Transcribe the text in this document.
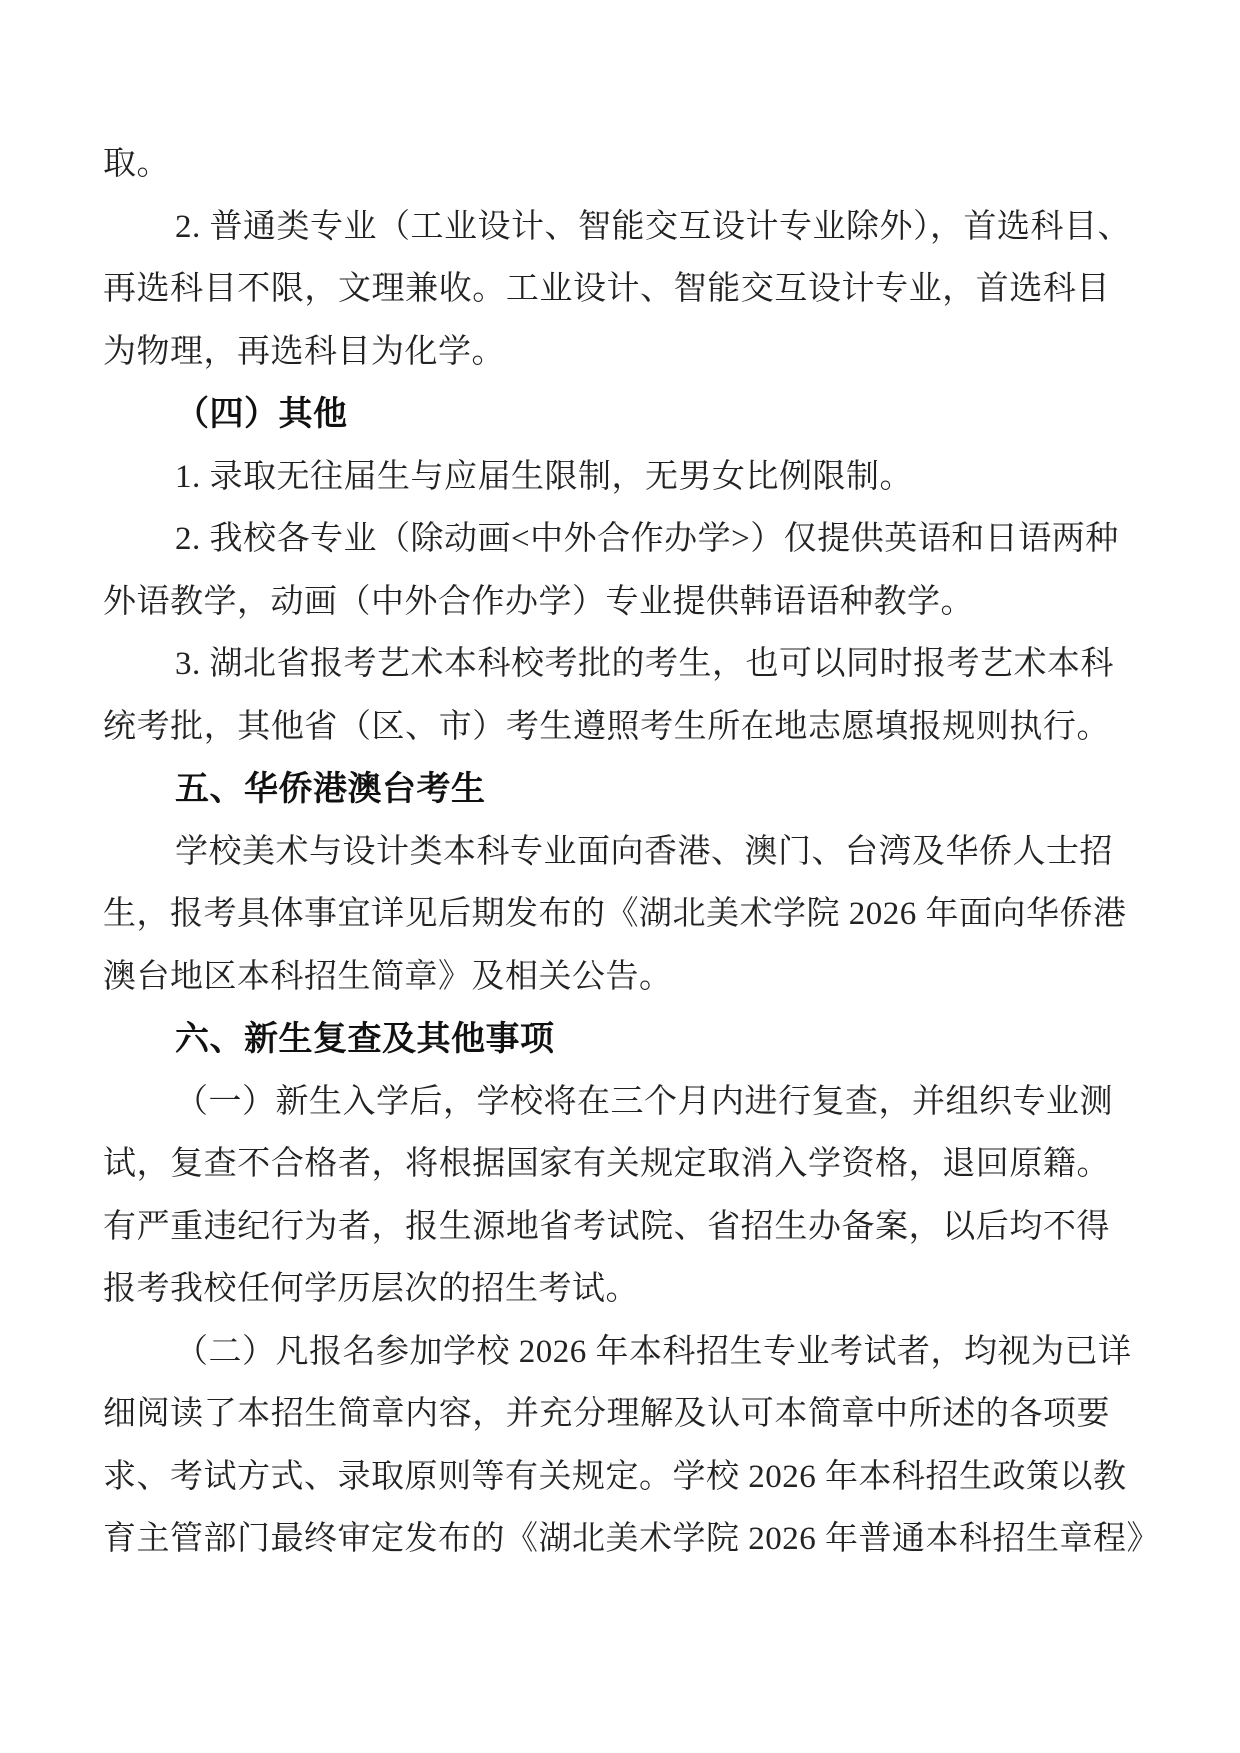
取。
2. 普通类专业（工业设计、智能交互设计专业除外），首选科目、
再选科目不限，文理兼收。工业设计、智能交互设计专业，首选科目
为物理，再选科目为化学。
（四）其他
1. 录取无往届生与应届生限制，无男女比例限制。
2. 我校各专业（除动画<中外合作办学>）仅提供英语和日语两种
外语教学，动画（中外合作办学）专业提供韩语语种教学。
3. 湖北省报考艺术本科校考批的考生，也可以同时报考艺术本科
统考批，其他省（区、市）考生遵照考生所在地志愿填报规则执行。
五、华侨港澳台考生
学校美术与设计类本科专业面向香港、澳门、台湾及华侨人士招
生，报考具体事宜详见后期发布的《湖北美术学院 2026 年面向华侨港
澳台地区本科招生简章》及相关公告。
六、新生复查及其他事项
（一）新生入学后，学校将在三个月内进行复查，并组织专业测
试，复查不合格者，将根据国家有关规定取消入学资格，退回原籍。
有严重违纪行为者，报生源地省考试院、省招生办备案，以后均不得
报考我校任何学历层次的招生考试。
（二）凡报名参加学校 2026 年本科招生专业考试者，均视为已详
细阅读了本招生简章内容，并充分理解及认可本简章中所述的各项要
求、考试方式、录取原则等有关规定。学校 2026 年本科招生政策以教
育主管部门最终审定发布的《湖北美术学院 2026 年普通本科招生章程》
